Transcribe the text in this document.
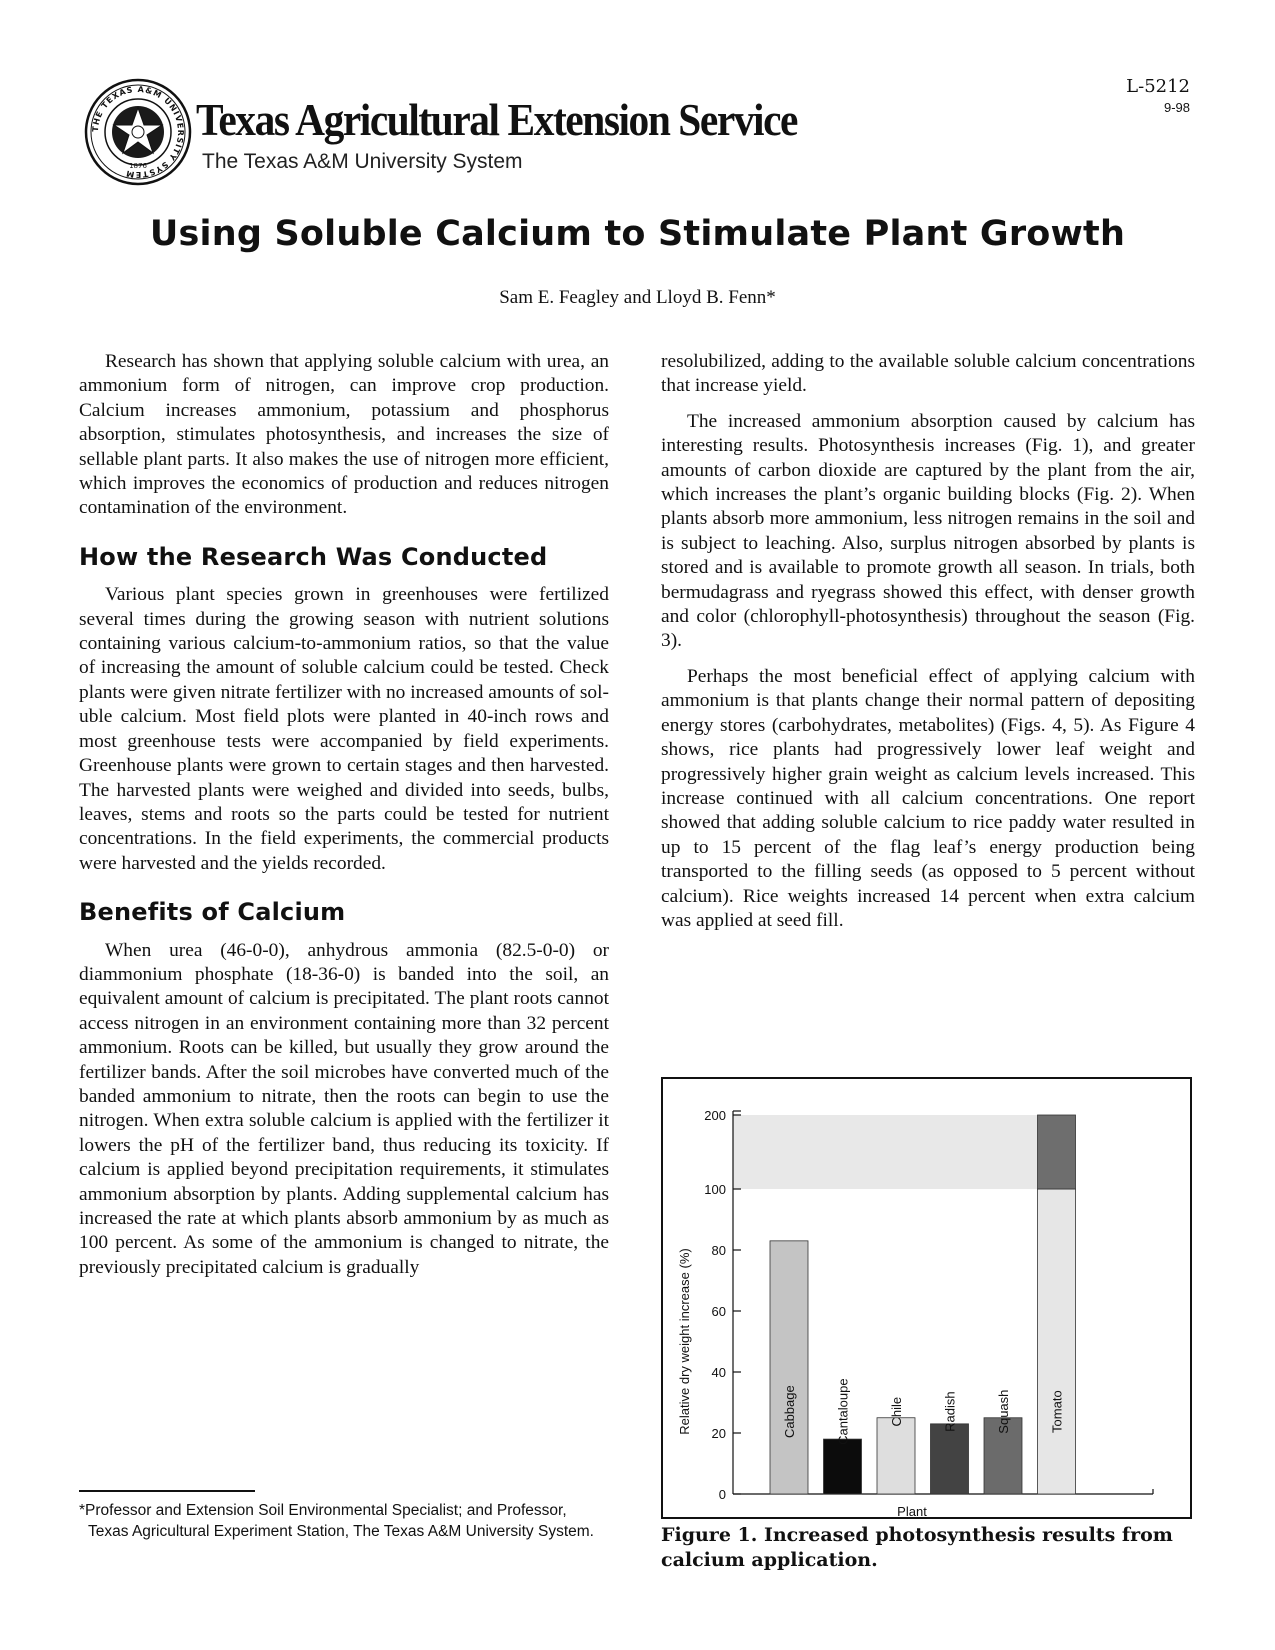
THE TEXAS A&M UNIVERSITY SYSTEM
1876
Texas Agricultural Extension Service
The Texas A&M University System
L-5212
9-98
Using Soluble Calcium to Stimulate Plant Growth
Sam E. Feagley and Lloyd B. Fenn*

Research has shown that applying soluble calcium with urea, an ammonium form of nitrogen, can improve crop production. Calcium increases ammonium, potassium and phosphorus absorption, stimulates photosynthesis, and increases the size of sellable plant parts. It also makes the use of nitrogen more efficient, which improves the economics of production and reduces nitrogen contamination of the environment.

How the Research Was Conducted

Various plant species grown in greenhouses were fertilized several times during the growing season with nutrient solutions containing various calcium-to-ammonium ratios, so that the value of increasing the amount of soluble calcium could be tested. Check plants were given nitrate fertilizer with no increased amounts of soluble calcium. Most field plots were planted in 40-inch rows and most greenhouse tests were accompanied by field experiments. Greenhouse plants were grown to certain stages and then harvested. The harvested plants were weighed and divided into seeds, bulbs, leaves, stems and roots so the parts could be tested for nutrient concentrations. In the field experiments, the commercial products were harvested and the yields recorded.

Benefits of Calcium

When urea (46-0-0), anhydrous ammonia (82.5-0-0) or diammonium phosphate (18-36-0) is banded into the soil, an equivalent amount of calcium is precipitated. The plant roots cannot access nitrogen in an environment containing more than 32 percent ammonium. Roots can be killed, but usually they grow around the fertilizer bands. After the soil microbes have converted much of the banded ammonium to nitrate, then the roots can begin to use the nitrogen. When extra soluble calcium is applied with the fertilizer it lowers the pH of the fertilizer band, thus reducing its toxicity. If calcium is applied beyond precipitation requirements, it stimulates ammonium absorption by plants. Adding supplemental calcium has increased the rate at which plants absorb ammonium by as much as 100 percent. As some of the ammonium is changed to nitrate, the previously precipitated calcium is gradually

resolubilized, adding to the available soluble calcium concentrations that increase yield.

The increased ammonium absorption caused by calcium has interesting results. Photosynthesis increases (Fig. 1), and greater amounts of carbon dioxide are captured by the plant from the air, which increases the plant’s organic building blocks (Fig. 2). When plants absorb more ammonium, less nitrogen remains in the soil and is subject to leaching. Also, surplus nitrogen absorbed by plants is stored and is available to promote growth all season. In trials, both bermudagrass and ryegrass showed this effect, with denser growth and color (chlorophyll-photosynthesis) throughout the season (Fig. 3).

Perhaps the most beneficial effect of applying calcium with ammonium is that plants change their normal pattern of depositing energy stores (carbohydrates, metabolites) (Figs. 4, 5). As Figure 4 shows, rice plants had progressively lower leaf weight and progressively higher grain weight as calcium levels increased. This increase continued with all calcium concentrations. One report showed that adding soluble calcium to rice paddy water resulted in up to 15 percent of the flag leaf’s energy production being transported to the filling seeds (as opposed to 5 percent without calcium). Rice weights increased 14 percent when extra calcium was applied at seed fill.

*Professor and Extension Soil Environmental Specialist; and Professor, Texas Agricultural Experiment Station, The Texas A&M University System.
0
20
40
60
80
100
200
Relative dry weight increase (%)
Plant
Cabbage	Cantaloupe	Chile	Radish	Squash	Tomato
Figure 1. Increased photosynthesis results from calcium application.
